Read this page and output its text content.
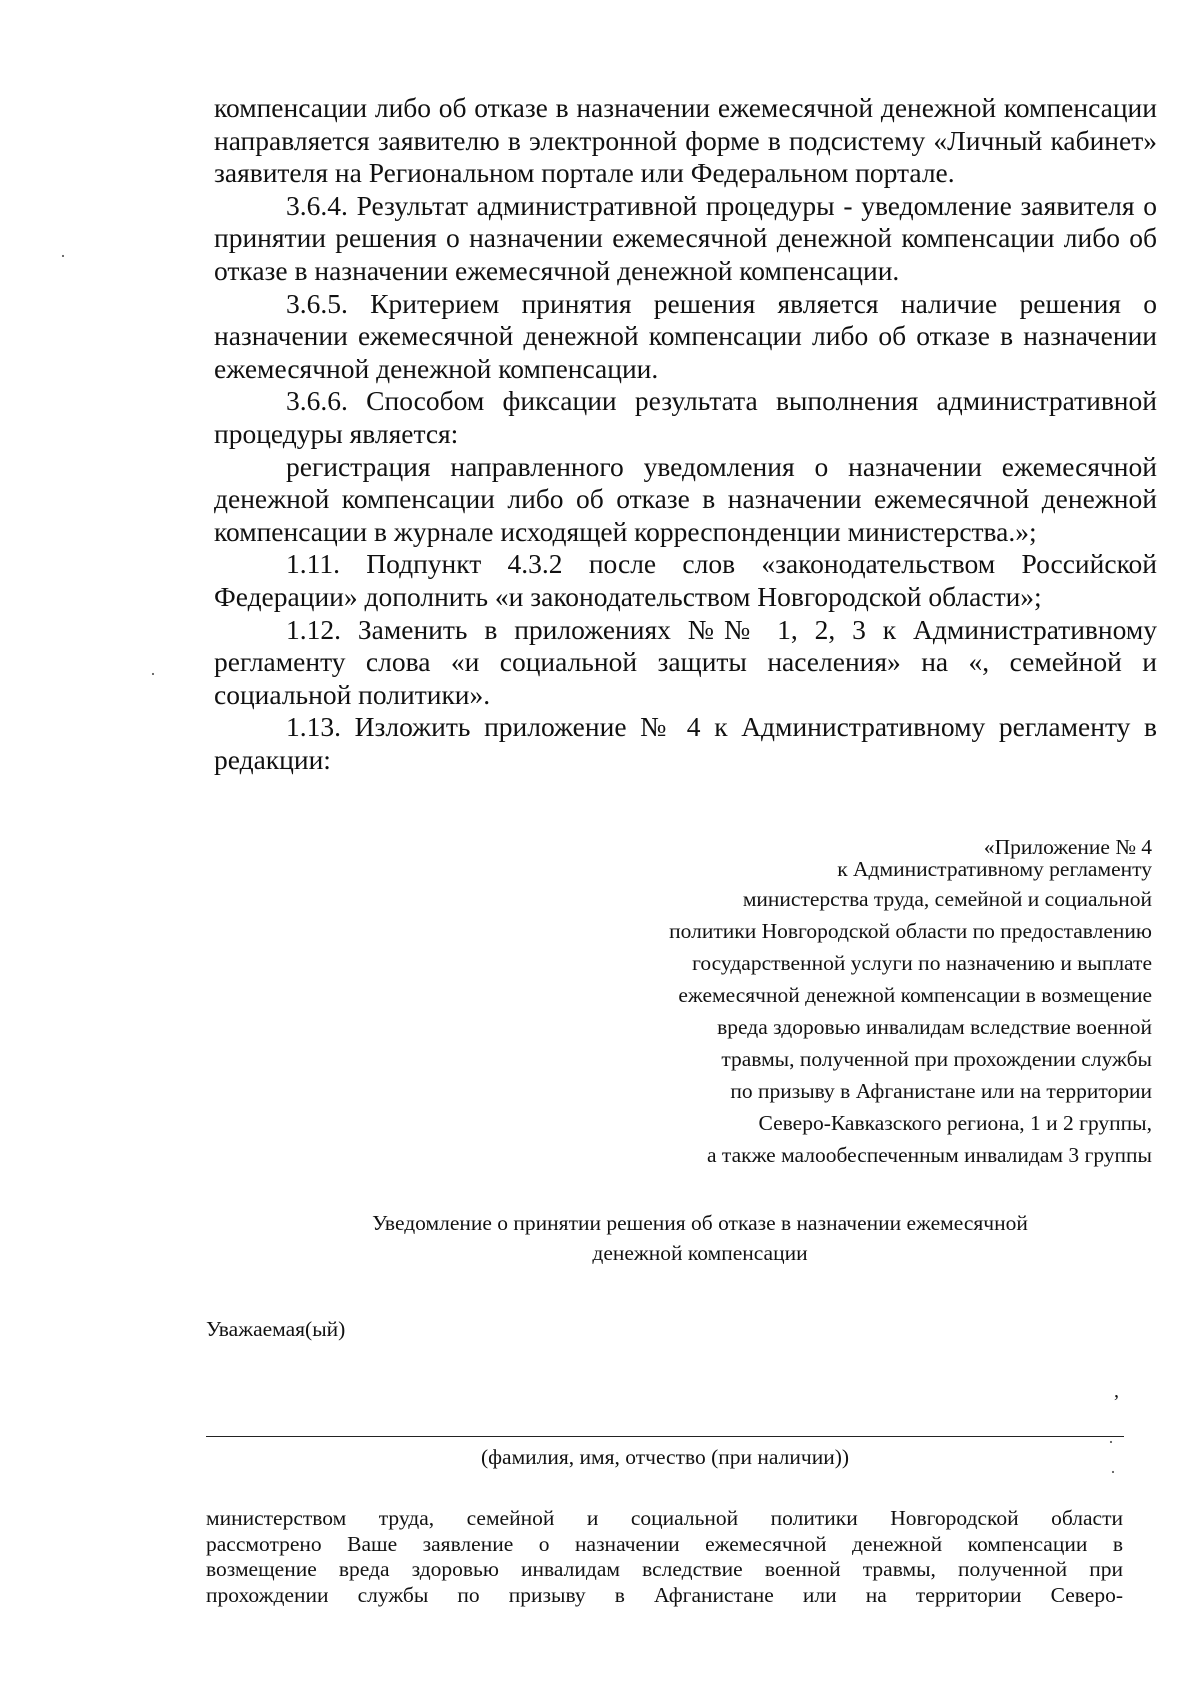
компенсации либо об отказе в назначении ежемесячной денежной компенсации направляется заявителю в электронной форме в подсистему «Личный кабинет» заявителя на Региональном портале или Федеральном портале.

3.6.4. Результат административной процедуры - уведомление заявителя о принятии решения о назначении ежемесячной денежной компенсации либо об отказе в назначении ежемесячной денежной компенсации.

3.6.5. Критерием принятия решения является наличие решения о назначении ежемесячной денежной компенсации либо об отказе в назначении ежемесячной денежной компенсации.

3.6.6. Способом фиксации результата выполнения административной процедуры является:

регистрация направленного уведомления о назначении ежемесячной денежной компенсации либо об отказе в назначении ежемесячной денежной компенсации в журнале исходящей корреспонденции министерства.»;

1.11. Подпункт 4.3.2 после слов «законодательством Российской Федерации» дополнить «и законодательством Новгородской области»;

1.12. Заменить в приложениях №№ 1, 2, 3 к Административному регламенту слова «и социальной защиты населения» на «, семейной и социальной политики».

1.13. Изложить приложение № 4 к Административному регламенту в редакции:

«Приложение № 4
к Административному регламенту
министерства труда, семейной и социальной
политики Новгородской области по предоставлению
государственной услуги по назначению и выплате
ежемесячной денежной компенсации в возмещение
вреда здоровью инвалидам вследствие военной
травмы, полученной при прохождении службы
по призыву в Афганистане или на территории
Северо-Кавказского региона, 1 и 2 группы,
а также малообеспеченным инвалидам 3 группы
Уведомление о принятии решения об отказе в назначении ежемесячной
денежной компенсации
Уважаемая(ый)
,
(фамилия, имя, отчество (при наличии))
·
·
·
·

министерством труда, семейной и социальной политики Новгородской области

рассмотрено Ваше заявление о назначении ежемесячной денежной компенсации в

возмещение вреда здоровью инвалидам вследствие военной травмы, полученной при

прохождении службы по призыву в Афганистане или на территории Северо-
